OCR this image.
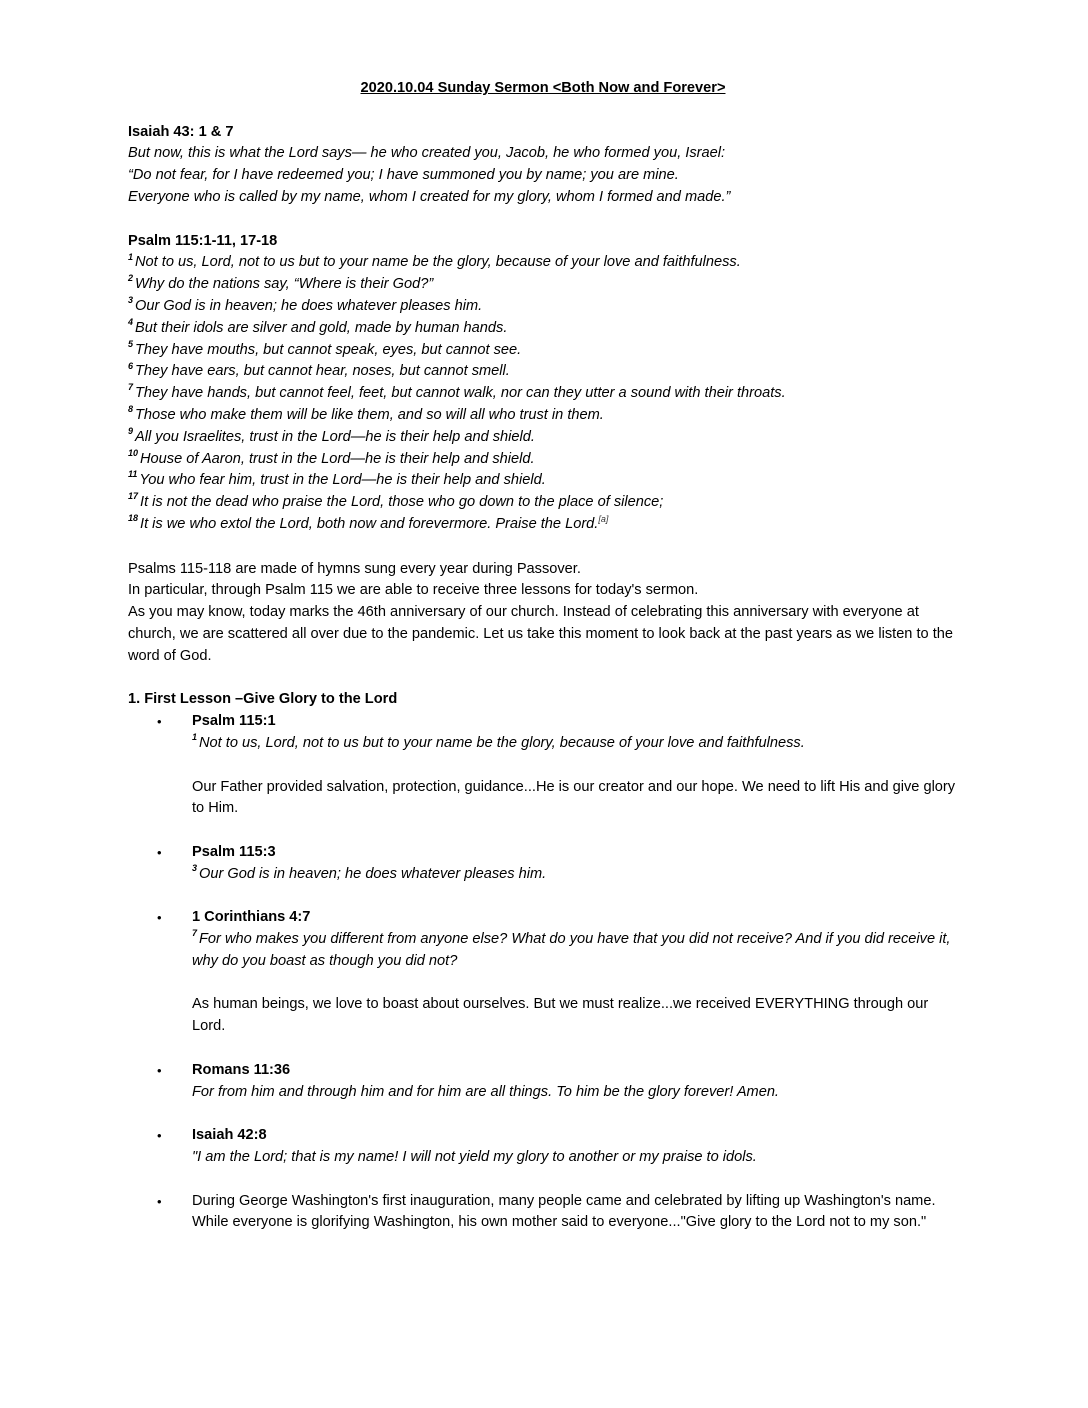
2020.10.04 Sunday Sermon <Both Now and Forever>
Isaiah 43: 1 & 7
But now, this is what the Lord says— he who created you, Jacob, he who formed you, Israel:
“Do not fear, for I have redeemed you; I have summoned you by name; you are mine.
Everyone who is called by my name, whom I created for my glory, whom I formed and made.”
Psalm 115:1-11, 17-18
$^1$ Not to us, Lord, not to us but to your name be the glory, because of your love and faithfulness.
$^2$ Why do the nations say, “Where is their God?”
$^3$ Our God is in heaven; he does whatever pleases him.
$^4$ But their idols are silver and gold, made by human hands.
$^5$ They have mouths, but cannot speak, eyes, but cannot see.
$^6$ They have ears, but cannot hear, noses, but cannot smell.
$^7$ They have hands, but cannot feel, feet, but cannot walk, nor can they utter a sound with their throats.
$^8$ Those who make them will be like them, and so will all who trust in them.
$^9$ All you Israelites, trust in the Lord—he is their help and shield.
$^{10}$ House of Aaron, trust in the Lord—he is their help and shield.
$^{11}$ You who fear him, trust in the Lord—he is their help and shield.
$^{17}$ It is not the dead who praise the Lord, those who go down to the place of silence;
$^{18}$ It is we who extol the Lord, both now and forevermore. Praise the Lord.[a]
Psalms 115-118 are made of hymns sung every year during Passover.
In particular, through Psalm 115 we are able to receive three lessons for today's sermon.
As you may know, today marks the 46th anniversary of our church. Instead of celebrating this anniversary with everyone at church, we are scattered all over due to the pandemic. Let us take this moment to look back at the past years as we listen to the word of God.
1. First Lesson –Give Glory to the Lord
• Psalm 115:1
$^1$ Not to us, Lord, not to us but to your name be the glory, because of your love and faithfulness.
Our Father provided salvation, protection, guidance...He is our creator and our hope. We need to lift His and give glory to Him.
• Psalm 115:3
$^3$ Our God is in heaven; he does whatever pleases him.
• 1 Corinthians 4:7
$^7$ For who makes you different from anyone else? What do you have that you did not receive? And if you did receive it, why do you boast as though you did not?
As human beings, we love to boast about ourselves. But we must realize...we received EVERYTHING through our Lord.
• Romans 11:36
For from him and through him and for him are all things. To him be the glory forever! Amen.
• Isaiah 42:8
"I am the Lord; that is my name! I will not yield my glory to another or my praise to idols.
• During George Washington's first inauguration, many people came and celebrated by lifting up Washington's name. While everyone is glorifying Washington, his own mother said to everyone..."Give glory to the Lord not to my son."
